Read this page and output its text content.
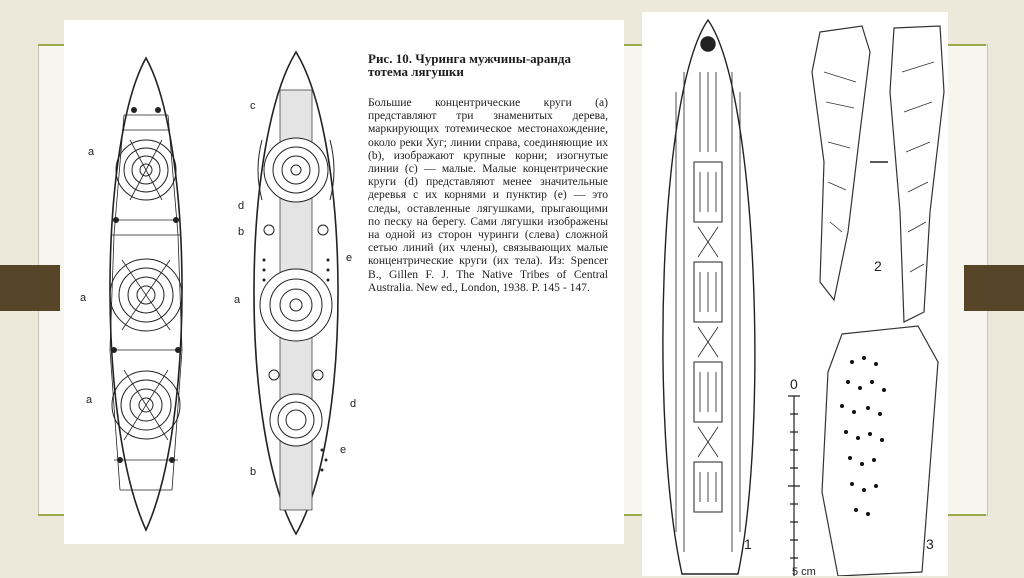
Рис. 10. Чуринга мужчины-аранда тотема лягушки
Большие концентрические круги (a) представляют три знаменитых дерева, маркирующих тотемическое местонахождение, около реки Хуг; линии справа, соединяющие их (b), изображают крупные корни; изогнутые линии (c) — малые. Малые концентрические круги (d) представляют менее значительные деревья с их корнями и пунктир (e) — это следы, оставленные лягушками, прыгающими по песку на берегу. Сами лягушки изображены на одной из сторон чуринги (слева) сложной сетью линий (их члены), связывающих малые концентрические круги (их тела). Из: Spencer B., Gillen F. J. The Native Tribes of Central Australia. New ed., London, 1938. P. 145 - 147.
a
a
a
c
d
b
e
a
d
e
b
1
2
3
0
5 cm
